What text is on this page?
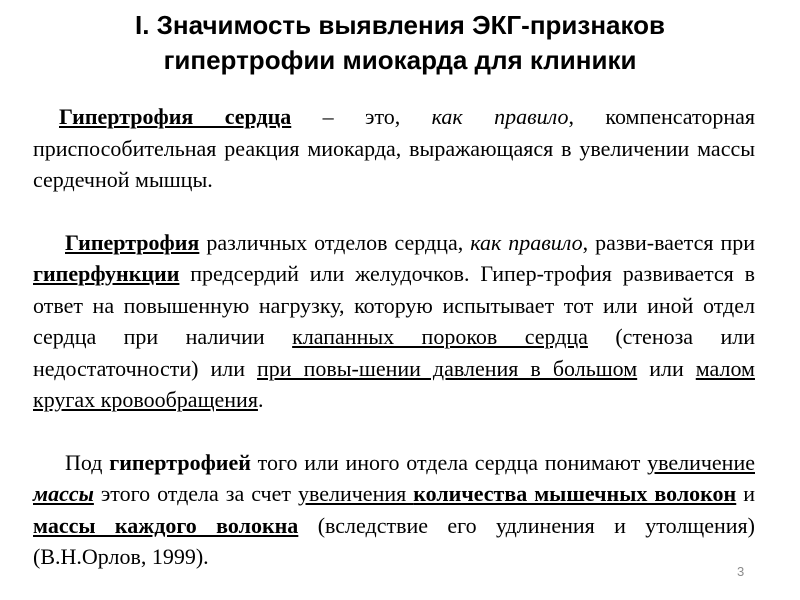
I. Значимость выявления ЭКГ-признаков
гипертрофии миокарда для клиники

Гипертрофия сердца – это, как правило, компенсаторная приспособительная реакция миокарда, выражающаяся в увеличении массы сердечной мышцы.

Гипертрофия различных отделов сердца, как правило, разви-вается при гиперфункции предсердий или желудочков. Гипер-трофия развивается в ответ на повышенную нагрузку, которую испытывает тот или иной отдел сердца при наличии клапанных пороков сердца (стеноза или недостаточности) или при повы-шении давления в большом или малом кругах кровообращения.

Под гипертрофией того или иного отдела сердца понимают увеличение массы этого отдела за счет увеличения количества мышечных волокон и массы каждого волокна (вследствие его удлинения и утолщения) (В.Н.Орлов, 1999).

3
